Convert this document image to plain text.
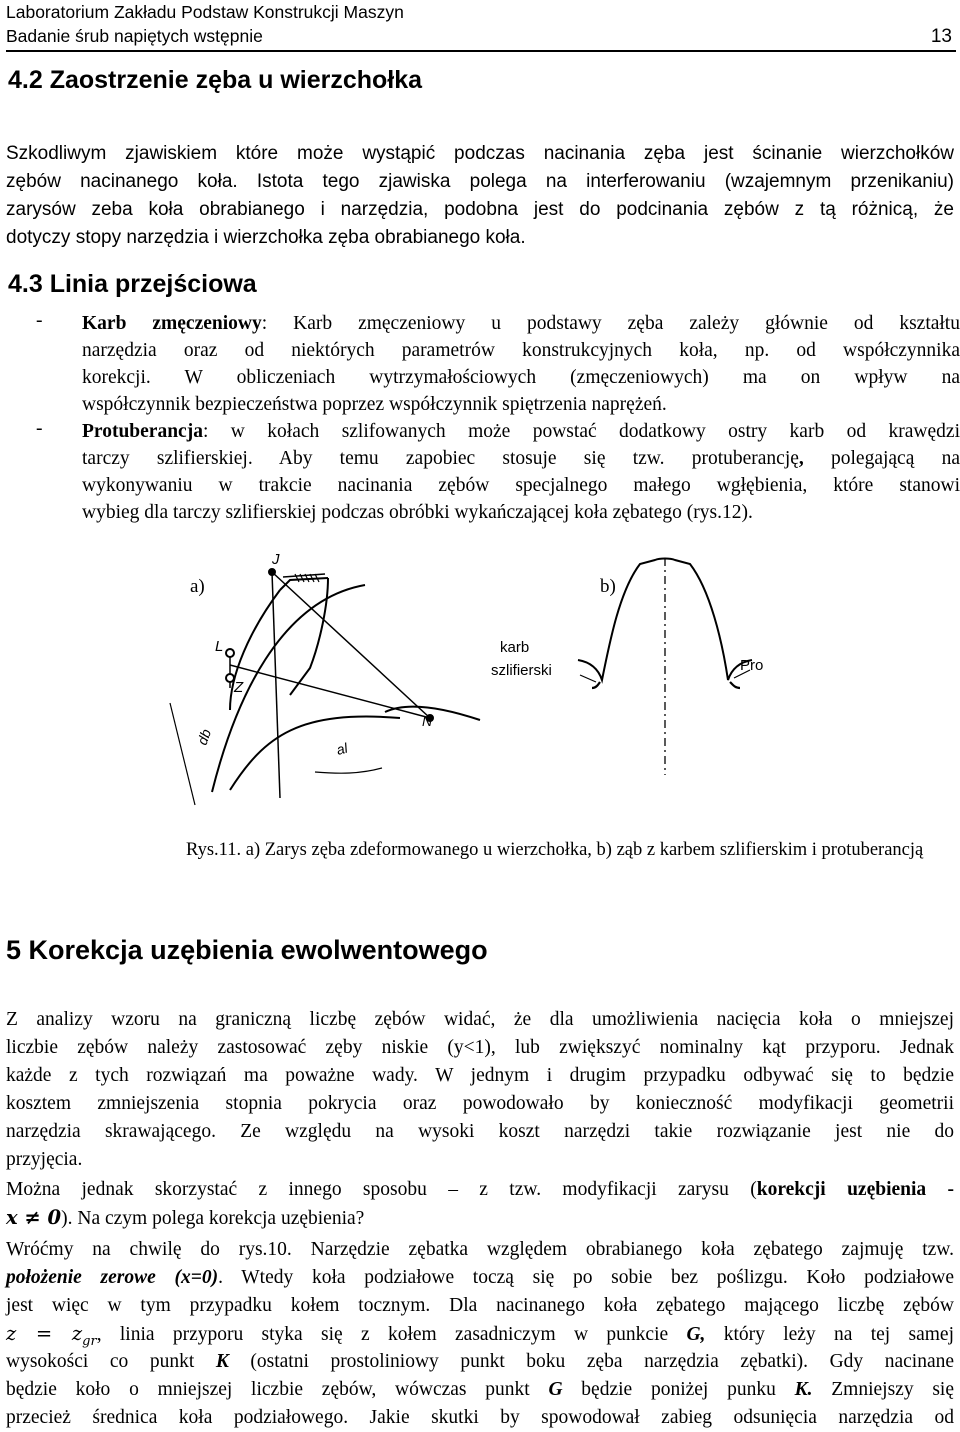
Laboratorium Zakładu Podstaw Konstrukcji Maszyn
Badanie śrub napiętych wstępnie	13
4.2 Zaostrzenie zęba u wierzchołka
Szkodliwym zjawiskiem które może wystąpić podczas nacinania zęba jest ścinanie wierzchołków
zębów nacinanego koła. Istota tego zjawiska polega na interferowaniu (wzajemnym przenikaniu)
zarysów zeba koła obrabianego i narzędzia, podobna jest do podcinania zębów z tą różnicą, że
dotyczy stopy narzędzia i wierzchołka zęba obrabianego koła.
4.3 Linia przejściowa
- Karb zmęczeniowy: Karb zmęczeniowy u podstawy zęba zależy głównie od kształtu
narzędzia oraz od niektórych parametrów konstrukcyjnych koła, np. od współczynnika
korekcji. W obliczeniach wytrzymałościowych (zmęczeniowych) ma on wpływ na
współczynnik bezpieczeństwa poprzez współczynnik spiętrzenia naprężeń.
- Protuberancja: w kołach szlifowanych może powstać dodatkowy ostry karb od krawędzi
tarczy szlifierskiej. Aby temu zapobiec stosuje się tzw. protuberancję, polegającą na
wykonywaniu w trakcie nacinania zębów specjalnego małego wgłębienia, które stanowi
wybieg dla tarczy szlifierskiej podczas obróbki wykańczającej koła zębatego (rys.12).
a)	b)
J
L
Z
N
db
al
karb
szlifierski	Pro
Rys.11. a) Zarys zęba zdeformowanego u wierzchołka, b) ząb z karbem szlifierskim i protuberancją
5 Korekcja uzębienia ewolwentowego
Z analizy wzoru na graniczną liczbę zębów widać, że dla umożliwienia nacięcia koła o mniejszej
liczbie zębów należy zastosować zęby niskie (y<1), lub zwiększyć nominalny kąt przyporu. Jednak
każde z tych rozwiązań ma poważne wady. W jednym i drugim przypadku odbywać się to będzie
kosztem zmniejszenia stopnia pokrycia oraz powodowało by konieczność modyfikacji geometrii
narzędzia skrawającego. Ze względu na wysoki koszt narzędzi takie rozwiązanie jest nie do
przyjęcia.
Można jednak skorzystać z innego sposobu – z tzw. modyfikacji zarysu (korekcji uzębienia -
x ≠ 0). Na czym polega korekcja uzębienia?
Wróćmy na chwilę do rys.10. Narzędzie zębatka względem obrabianego koła zębatego zajmuję tzw.
położenie zerowe (x=0). Wtedy koła podziałowe toczą się po sobie bez poślizgu. Koło podziałowe
jest więc w tym przypadku kołem tocznym. Dla nacinanego koła zębatego mającego liczbę zębów
$z = z_{gr}$, linia przyporu styka się z kołem zasadniczym w punkcie G, który leży na tej samej
wysokości co punkt K (ostatni prostoliniowy punkt boku zęba narzędzia zębatki). Gdy nacinane
będzie koło o mniejszej liczbie zębów, wówczas punkt G będzie poniżej punku K. Zmniejszy się
przecież średnica koła podziałowego. Jakie skutki by spowodował zabieg odsunięcia narzędzia od
